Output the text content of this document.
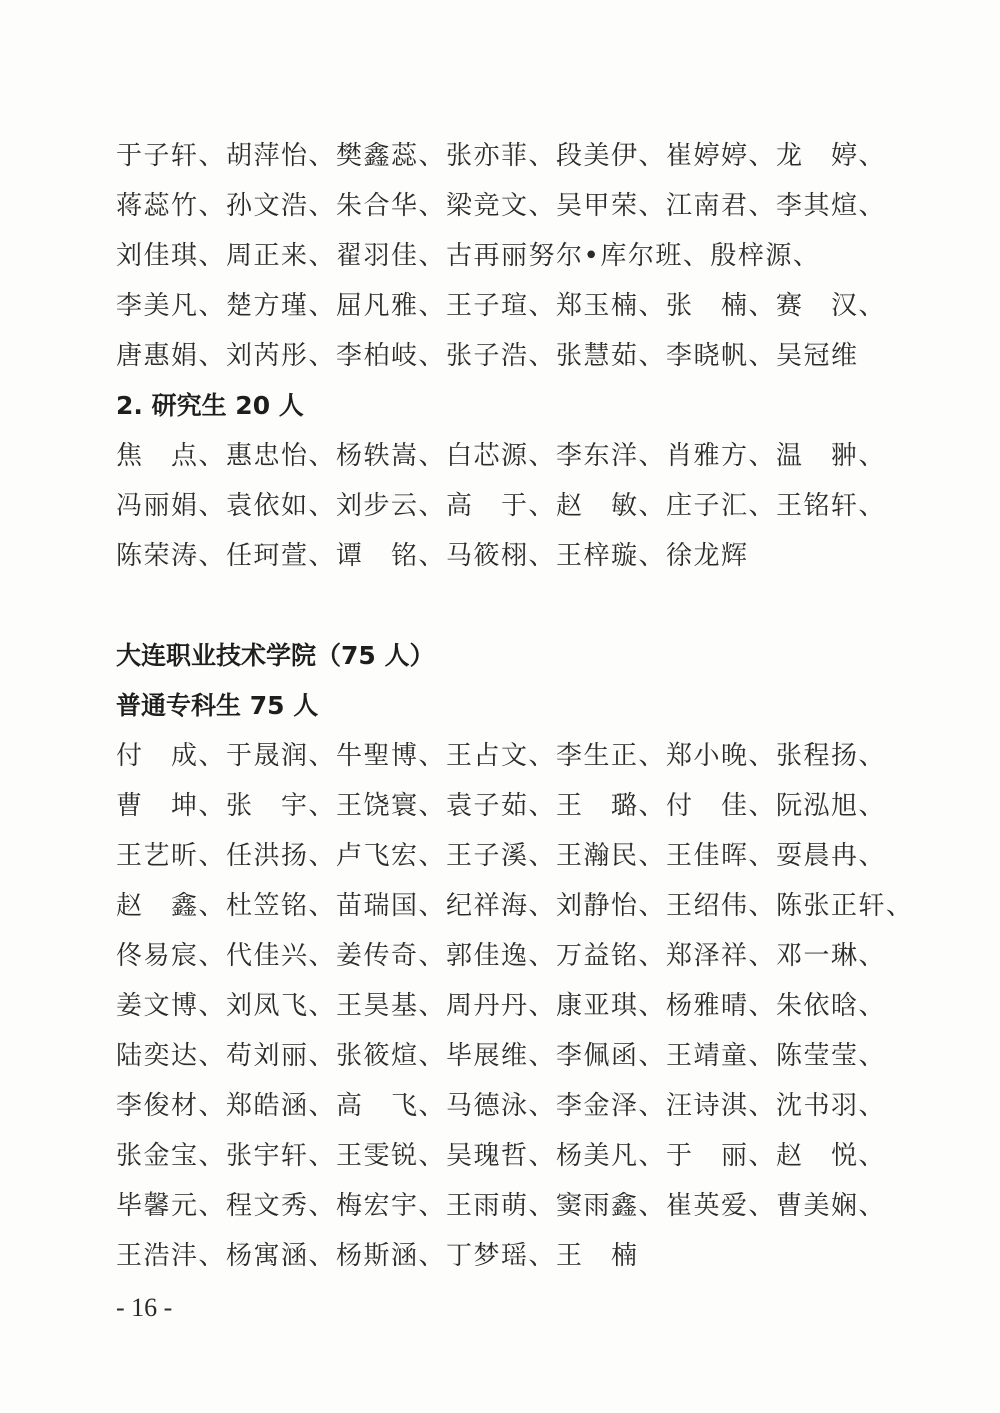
于子轩、胡萍怡、樊鑫蕊、张亦菲、段美伊、崔婷婷、龙　婷、
蒋蕊竹、孙文浩、朱合华、梁竞文、吴甲荣、江南君、李其煊、
刘佳琪、周正来、翟羽佳、古再丽努尔•库尔班、殷梓源、
李美凡、楚方瑾、屈凡雅、王子瑄、郑玉楠、张　楠、赛　汉、
唐惠娟、刘芮彤、李柏岐、张子浩、张慧茹、李晓帆、吴冠维
2. 研究生 20 人
焦　点、惠忠怡、杨轶嵩、白芯源、李东洋、肖雅方、温　翀、
冯丽娟、袁依如、刘步云、高　于、赵　敏、庄子汇、王铭轩、
陈荣涛、任珂萱、谭　铭、马筱栩、王梓璇、徐龙辉
大连职业技术学院（75 人）
普通专科生 75 人
付　成、于晟润、牛聖博、王占文、李生正、郑小晚、张程扬、
曹　坤、张　宇、王饶寰、袁子茹、王　璐、付　佳、阮泓旭、
王艺昕、任洪扬、卢飞宏、王子溪、王瀚民、王佳晖、耍晨冉、
赵　鑫、杜笠铭、苗瑞国、纪祥海、刘静怡、王绍伟、陈张正轩、
佟易宸、代佳兴、姜传奇、郭佳逸、万益铭、郑泽祥、邓一琳、
姜文博、刘凤飞、王昊基、周丹丹、康亚琪、杨雅晴、朱依晗、
陆奕达、苟刘丽、张筱煊、毕展维、李佩函、王靖童、陈莹莹、
李俊材、郑皓涵、高　飞、马德泳、李金泽、汪诗淇、沈书羽、
张金宝、张宇轩、王雯锐、吴瑰哲、杨美凡、于　丽、赵　悦、
毕馨元、程文秀、梅宏宇、王雨萌、窦雨鑫、崔英爱、曹美娴、
王浩沣、杨寓涵、杨斯涵、丁梦瑶、王　楠
- 16 -
